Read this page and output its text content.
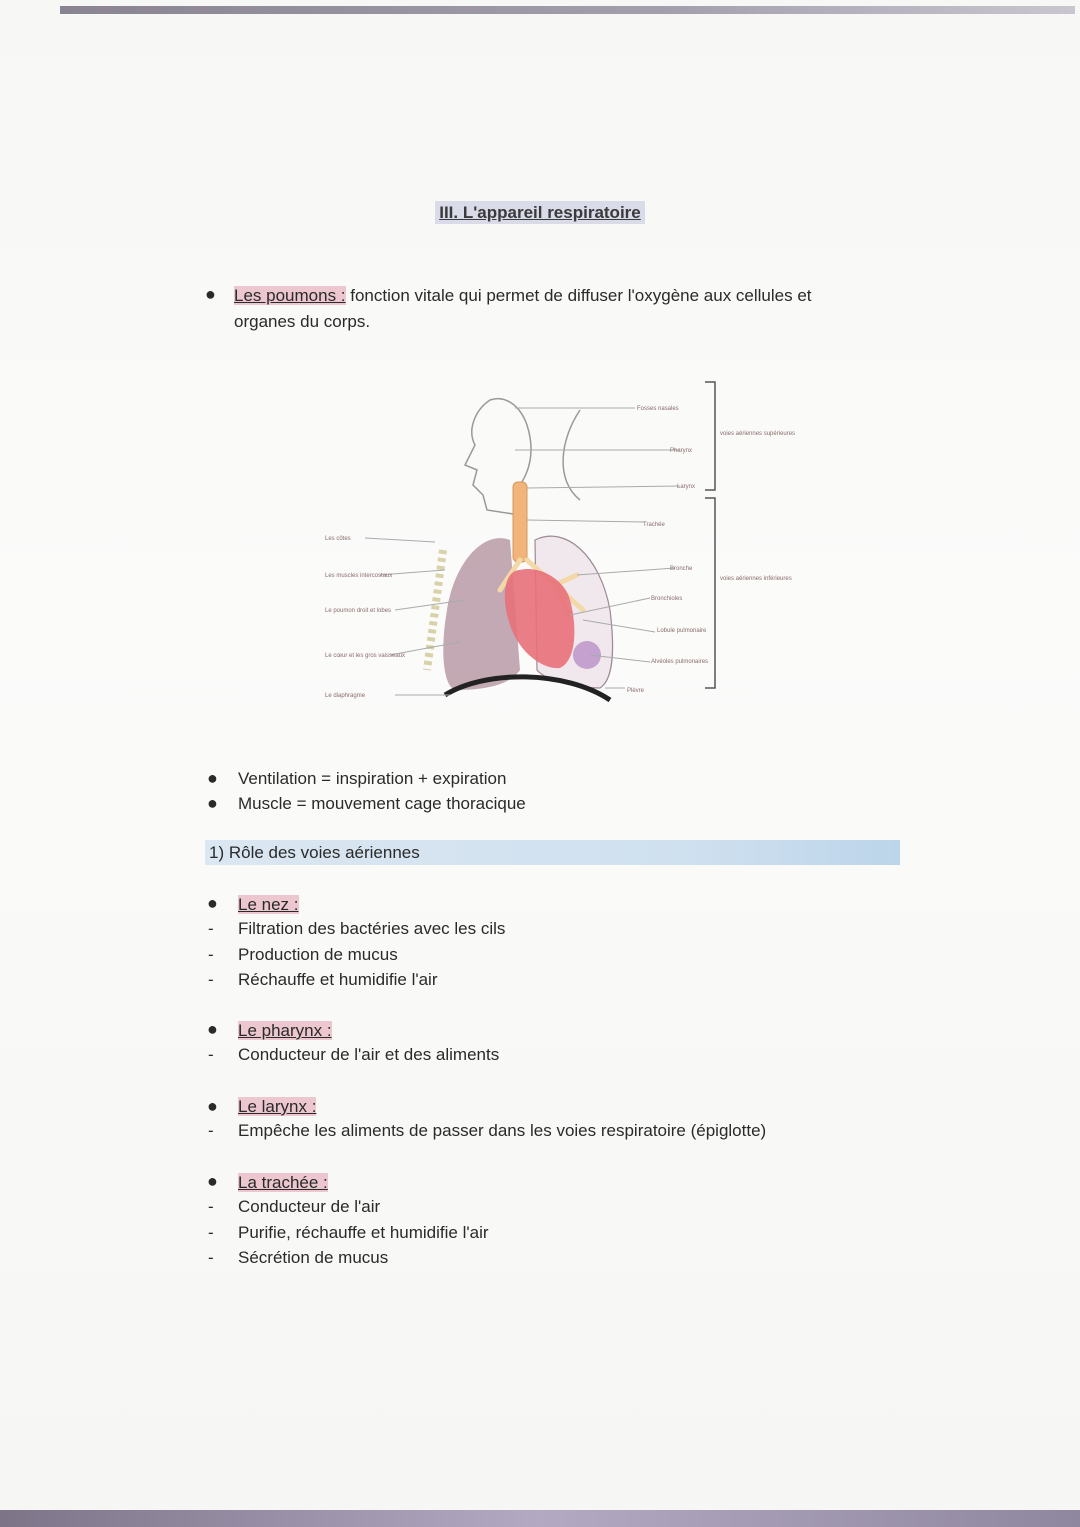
III. L'appareil respiratoire
● Les poumons : fonction vitale qui permet de diffuser l'oxygène aux cellules et
organes du corps.
Fosses nasales
Pharynx
Larynx
Trachée
Bronche
Bronchioles
Lobule pulmonaire
Alvéoles pulmonaires
Plèvre
voies aériennes supérieures
voies aériennes inférieures
Les côtes
Les muscles intercostaux
Le poumon droit et lobes
Le cœur et les gros vaisseaux
Le diaphragme
● Ventilation = inspiration + expiration
● Muscle = mouvement cage thoracique
1) Rôle des voies aériennes
● Le nez :
- Filtration des bactéries avec les cils
- Production de mucus
- Réchauffe et humidifie l'air
● Le pharynx :
- Conducteur de l'air et des aliments
● Le larynx :
- Empêche les aliments de passer dans les voies respiratoire (épiglotte)
● La trachée :
- Conducteur de l'air
- Purifie, réchauffe et humidifie l'air
- Sécrétion de mucus
